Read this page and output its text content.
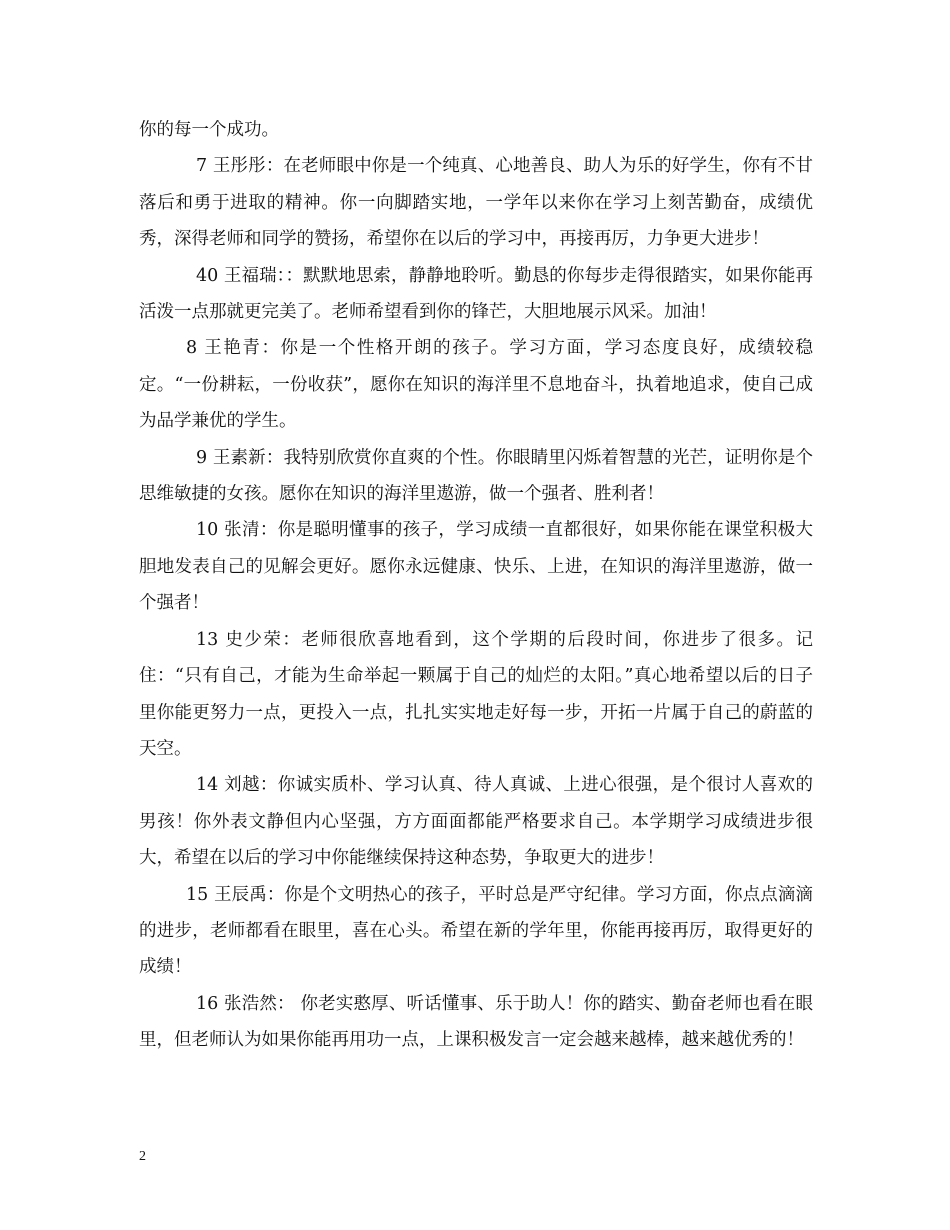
你的每一个成功。

7 王彤彤：在老师眼中你是一个纯真、心地善良、助人为乐的好学生，你有不甘落后和勇于进取的精神。你一向脚踏实地，一学年以来你在学习上刻苦勤奋，成绩优秀，深得老师和同学的赞扬，希望你在以后的学习中，再接再厉，力争更大进步！

40 王福瑞：：默默地思索，静静地聆听。勤恳的你每步走得很踏实，如果你能再活泼一点那就更完美了。老师希望看到你的锋芒，大胆地展示风采。加油！

8 王艳青：你是一个性格开朗的孩子。学习方面，学习态度良好，成绩较稳定。“一份耕耘，一份收获”，愿你在知识的海洋里不息地奋斗，执着地追求，使自己成为品学兼优的学生。

9 王素新：我特别欣赏你直爽的个性。你眼睛里闪烁着智慧的光芒，证明你是个思维敏捷的女孩。愿你在知识的海洋里遨游，做一个强者、胜利者！

10 张清：你是聪明懂事的孩子，学习成绩一直都很好，如果你能在课堂积极大胆地发表自己的见解会更好。愿你永远健康、快乐、上进，在知识的海洋里遨游，做一个强者！

13 史少荣：老师很欣喜地看到，这个学期的后段时间，你进步了很多。记住：“只有自己，才能为生命举起一颗属于自己的灿烂的太阳。”真心地希望以后的日子里你能更努力一点，更投入一点，扎扎实实地走好每一步，开拓一片属于自己的蔚蓝的天空。

14 刘越：你诚实质朴、学习认真、待人真诚、上进心很强，是个很讨人喜欢的男孩！你外表文静但内心坚强，方方面面都能严格要求自己。本学期学习成绩进步很大，希望在以后的学习中你能继续保持这种态势，争取更大的进步！

15 王辰禹：你是个文明热心的孩子，平时总是严守纪律。学习方面，你点点滴滴的进步，老师都看在眼里，喜在心头。希望在新的学年里，你能再接再厉，取得更好的成绩！

16 张浩然： 你老实憨厚、听话懂事、乐于助人！你的踏实、勤奋老师也看在眼里，但老师认为如果你能再用功一点，上课积极发言一定会越来越棒，越来越优秀的！

2
